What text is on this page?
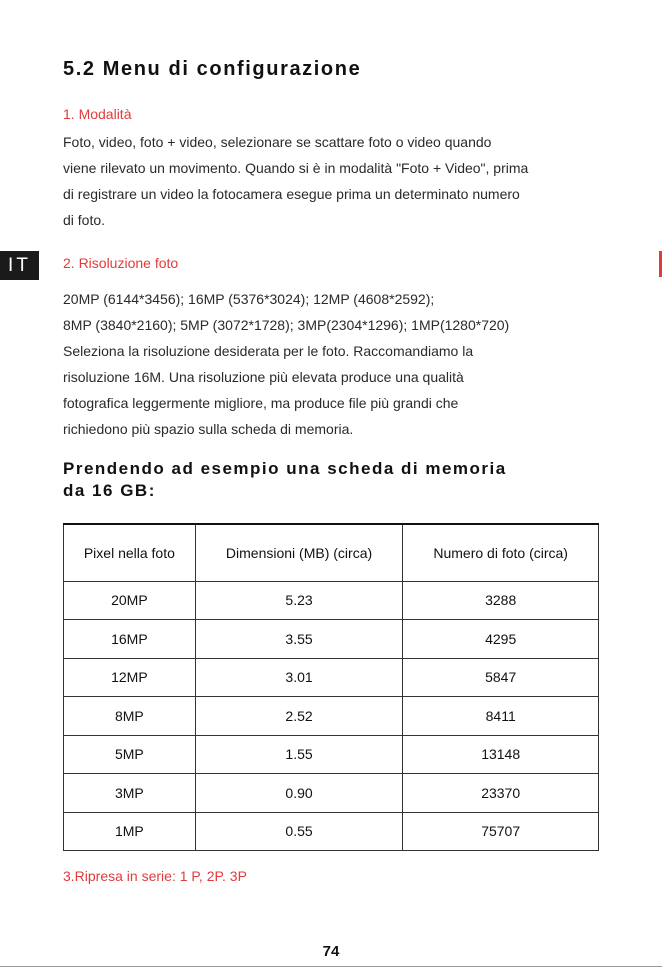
IT
5.2 Menu di configurazione

1. Modalità

Foto, video, foto + video, selezionare se scattare foto o video quando
viene rilevato un movimento. Quando si è in modalità "Foto + Video", prima
di registrare un video la fotocamera esegue prima un determinato numero
di foto.

2. Risoluzione foto

20MP (6144*3456); 16MP (5376*3024); 12MP (4608*2592);
8MP (3840*2160); 5MP (3072*1728); 3MP(2304*1296); 1MP(1280*720)
Seleziona la risoluzione desiderata per le foto. Raccomandiamo la
risoluzione 16M. Una risoluzione più elevata produce una qualità
fotografica leggermente migliore, ma produce file più grandi che
richiedono più spazio sulla scheda di memoria.

Prendendo ad esempio una scheda di memoria
da 16 GB:
Pixel nella foto	Dimensioni (MB) (circa)	Numero di foto (circa)
20MP	5.23	3288
16MP	3.55	4295
12MP	3.01	5847
8MP	2.52	8411
5MP	1.55	13148
3MP	0.90	23370
1MP	0.55	75707

3.Ripresa in serie: 1 P, 2P. 3P

74
